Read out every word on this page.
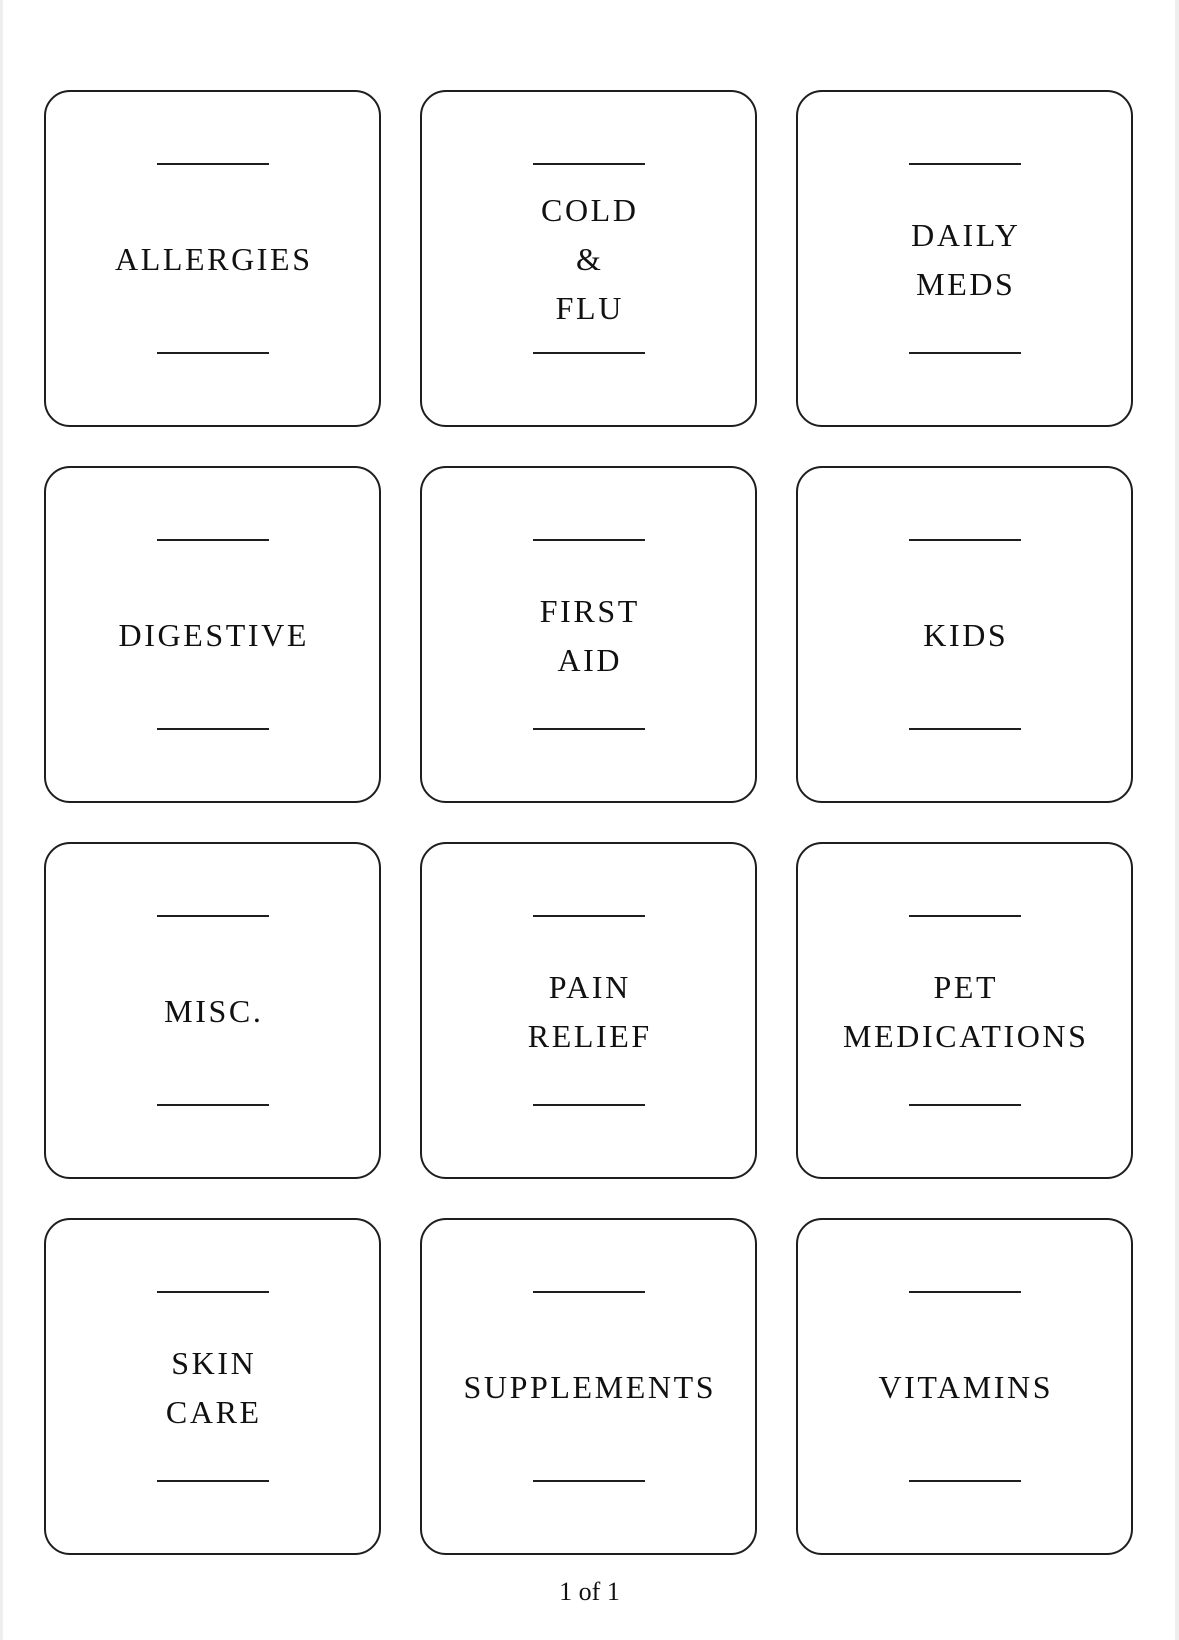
ALLERGIES
COLD
&
FLU
DAILY
MEDS
DIGESTIVE
FIRST
AID
KIDS
MISC.
PAIN
RELIEF
PET
MEDICATIONS
SKIN
CARE
SUPPLEMENTS	VITAMINS
1 of 1
